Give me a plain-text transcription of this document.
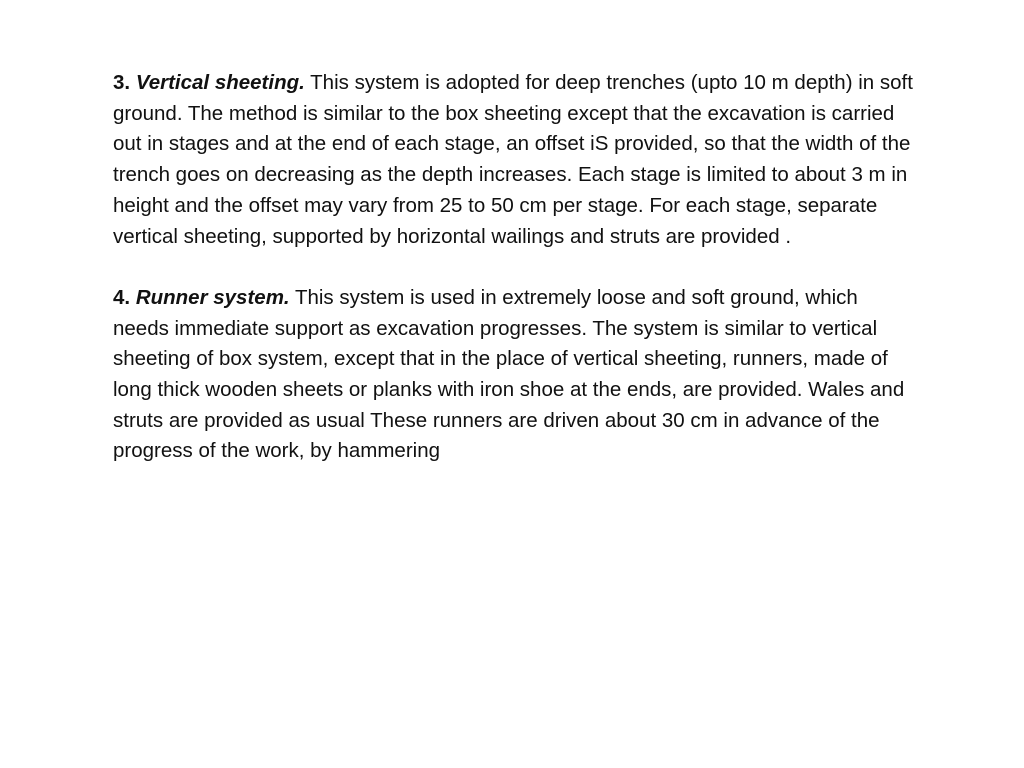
3. Vertical sheeting. This system is adopted for deep trenches (upto 10 m depth) in soft ground. The method is similar to the box sheeting except that the excavation is carried out in stages and at the end of each stage, an offset iS provided, so that the width of the trench goes on decreasing as the depth increases. Each stage is limited to about 3 m in height and the offset may vary from 25 to 50 cm per stage. For each stage, separate vertical sheeting, supported by horizontal wailings and struts are provided .

4. Runner system. This system is used in extremely loose and soft ground, which needs immediate support as excavation progresses. The system is similar to vertical sheeting of box system, except that in the place of vertical sheeting, runners, made of long thick wooden sheets or planks with iron shoe at the ends, are provided. Wales and struts are provided as usual These runners are driven about 30 cm in advance of the progress of the work, by hammering
